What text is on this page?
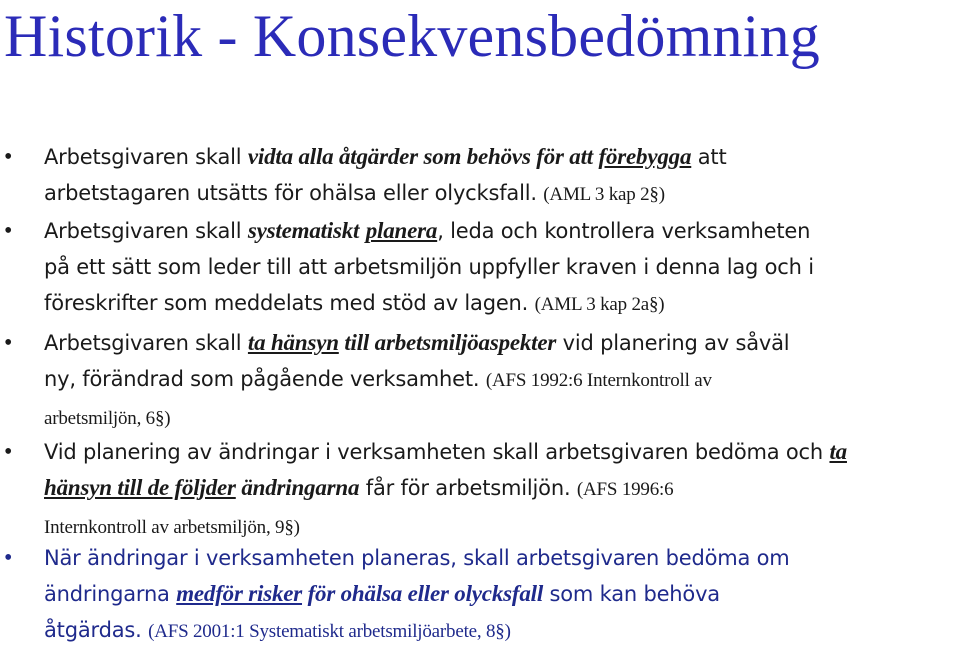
Historik - Konsekvensbedömning
• Arbetsgivaren skall vidta alla åtgärder som behövs för att förebygga att
arbetstagaren utsätts för ohälsa eller olycksfall. (AML 3 kap 2§)
• Arbetsgivaren skall systematiskt planera, leda och kontrollera verksamheten
på ett sätt som leder till att arbetsmiljön uppfyller kraven i denna lag och i
föreskrifter som meddelats med stöd av lagen. (AML 3 kap 2a§)
• Arbetsgivaren skall ta hänsyn till arbetsmiljöaspekter vid planering av såväl
ny, förändrad som pågående verksamhet. (AFS 1992:6 Internkontroll av
arbetsmiljön, 6§)
• Vid planering av ändringar i verksamheten skall arbetsgivaren bedöma och ta
hänsyn till de följder ändringarna får för arbetsmiljön. (AFS 1996:6
Internkontroll av arbetsmiljön, 9§)
• När ändringar i verksamheten planeras, skall arbetsgivaren bedöma om
ändringarna medför risker för ohälsa eller olycksfall som kan behöva
åtgärdas. (AFS 2001:1 Systematiskt arbetsmiljöarbete, 8§)
